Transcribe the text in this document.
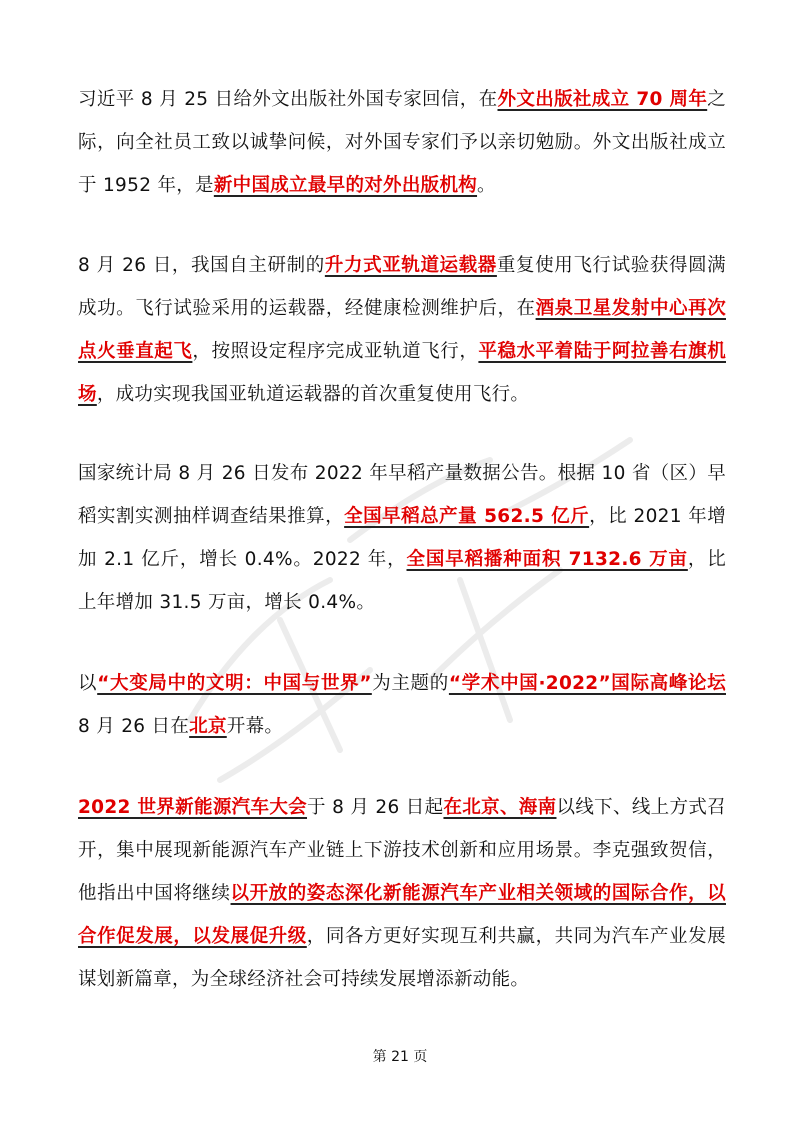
习近平 8 月 25 日给外文出版社外国专家回信，在外文出版社成立 70 周年之际，向全社员工致以诚挚问候，对外国专家们予以亲切勉励。外文出版社成立于 1952 年，是新中国成立最早的对外出版机构。

8 月 26 日，我国自主研制的升力式亚轨道运载器重复使用飞行试验获得圆满成功。飞行试验采用的运载器，经健康检测维护后，在酒泉卫星发射中心再次点火垂直起飞，按照设定程序完成亚轨道飞行，平稳水平着陆于阿拉善右旗机场，成功实现我国亚轨道运载器的首次重复使用飞行。

国家统计局 8 月 26 日发布 2022 年早稻产量数据公告。根据 10 省（区）早稻实割实测抽样调查结果推算，全国早稻总产量 562.5 亿斤，比 2021 年增加 2.1 亿斤，增长 0.4%。2022 年，全国早稻播种面积 7132.6 万亩，比上年增加 31.5 万亩，增长 0.4%。

以“大变局中的文明：中国与世界”为主题的“学术中国·2022”国际高峰论坛 8 月 26 日在北京开幕。

2022 世界新能源汽车大会于 8 月 26 日起在北京、海南以线下、线上方式召开，集中展现新能源汽车产业链上下游技术创新和应用场景。李克强致贺信，他指出中国将继续以开放的姿态深化新能源汽车产业相关领域的国际合作，以合作促发展，以发展促升级，同各方更好实现互利共赢，共同为汽车产业发展谋划新篇章，为全球经济社会可持续发展增添新动能。

第 21 页
